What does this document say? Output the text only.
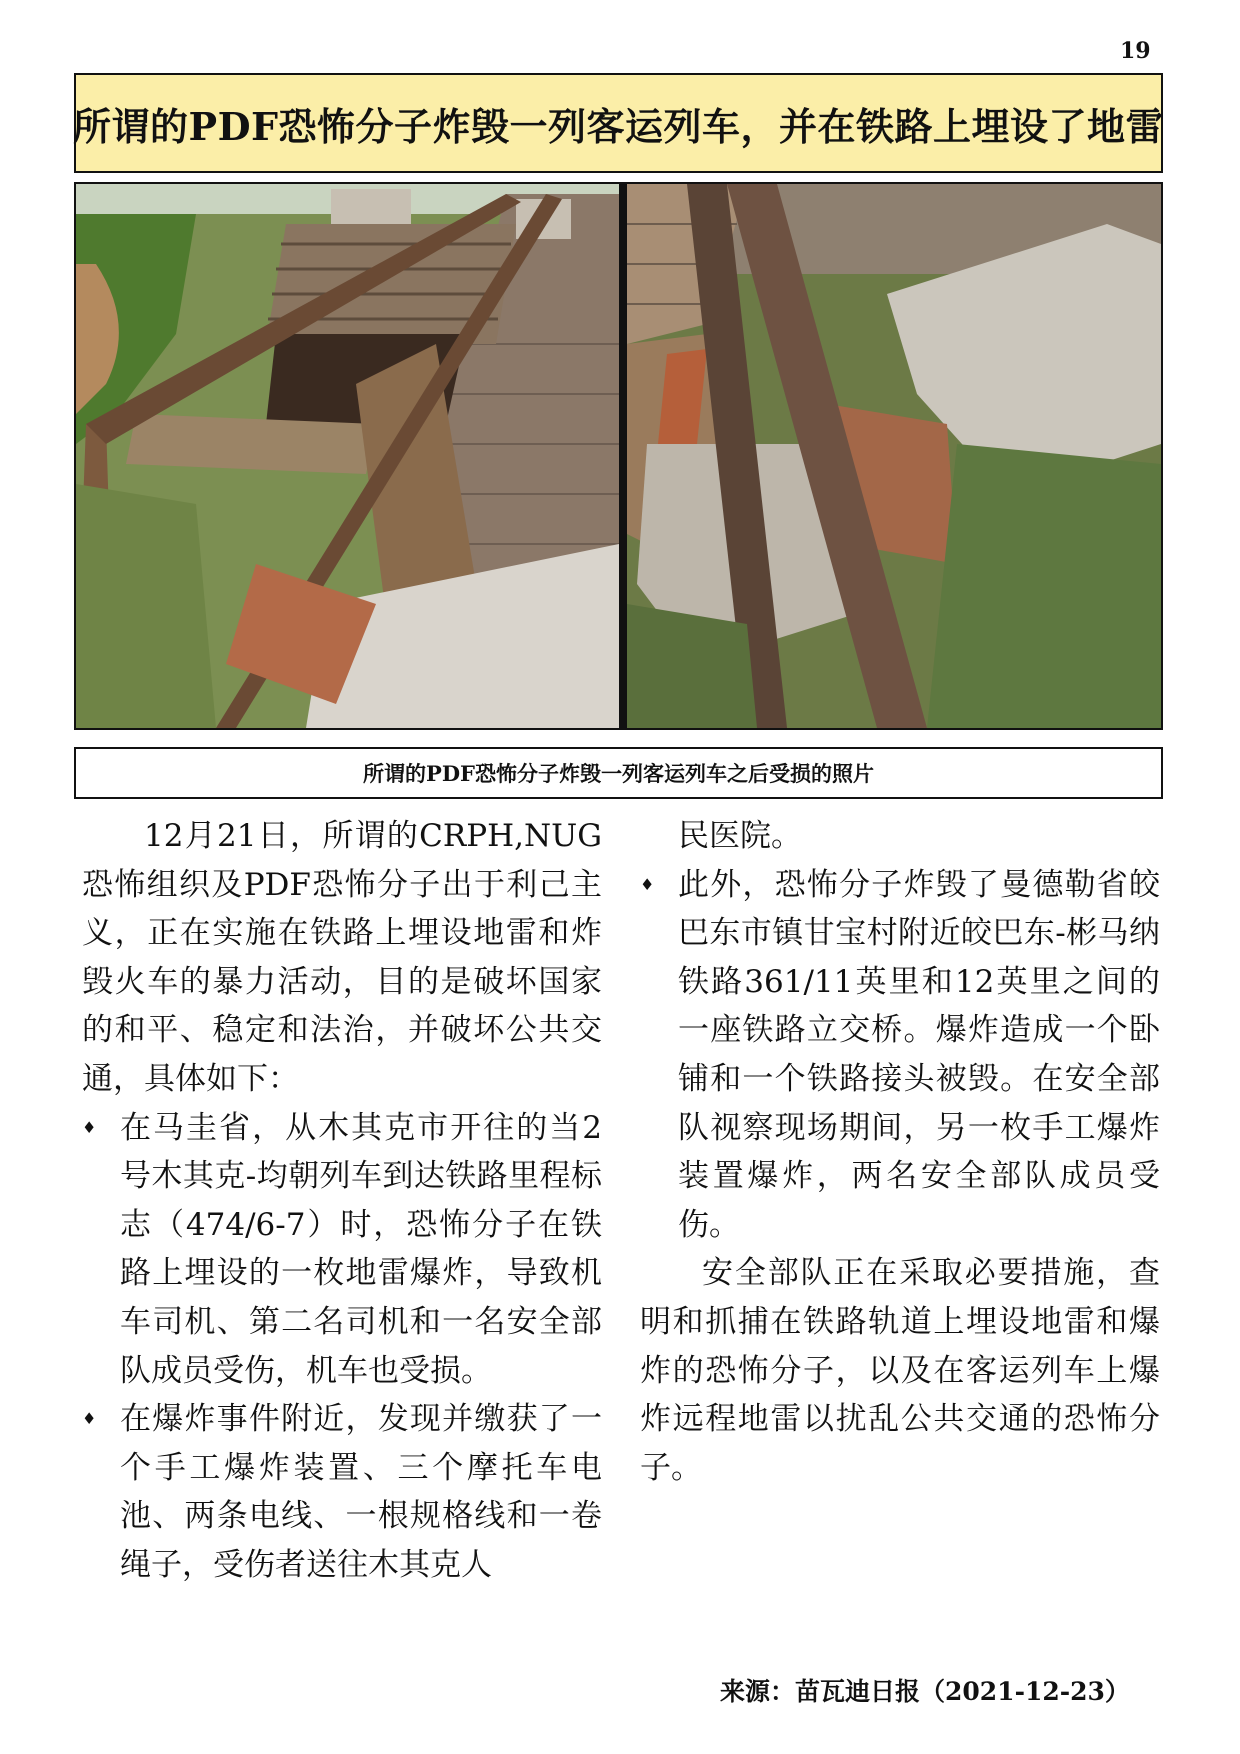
19
所谓的PDF恐怖分子炸毁一列客运列车，并在铁路上埋设了地雷
所谓的PDF恐怖分子炸毁一列客运列车之后受损的照片

12月21日，所谓的CRPH,NUG恐怖组织及PDF恐怖分子出于利己主义，正在实施在铁路上埋设地雷和炸毁火车的暴力活动，目的是破坏国家的和平、稳定和法治，并破坏公共交通，具体如下：

♦ 在马圭省，从木其克市开往的当2号木其克-均朝列车到达铁路里程标志（474/6-7）时，恐怖分子在铁路上埋设的一枚地雷爆炸，导致机车司机、第二名司机和一名安全部队成员受伤，机车也受损。

♦ 在爆炸事件附近，发现并缴获了一个手工爆炸装置、三个摩托车电池、两条电线、一根规格线和一卷绳子，受伤者送往木其克人

民医院。

♦ 此外，恐怖分子炸毁了曼德勒省皎巴东市镇甘宝村附近皎巴东-彬马纳铁路361/11英里和12英里之间的一座铁路立交桥。爆炸造成一个卧铺和一个铁路接头被毁。在安全部队视察现场期间，另一枚手工爆炸装置爆炸，两名安全部队成员受伤。

安全部队正在采取必要措施，查明和抓捕在铁路轨道上埋设地雷和爆炸的恐怖分子，以及在客运列车上爆炸远程地雷以扰乱公共交通的恐怖分子。

来源：苗瓦迪日报（2021-12-23）
